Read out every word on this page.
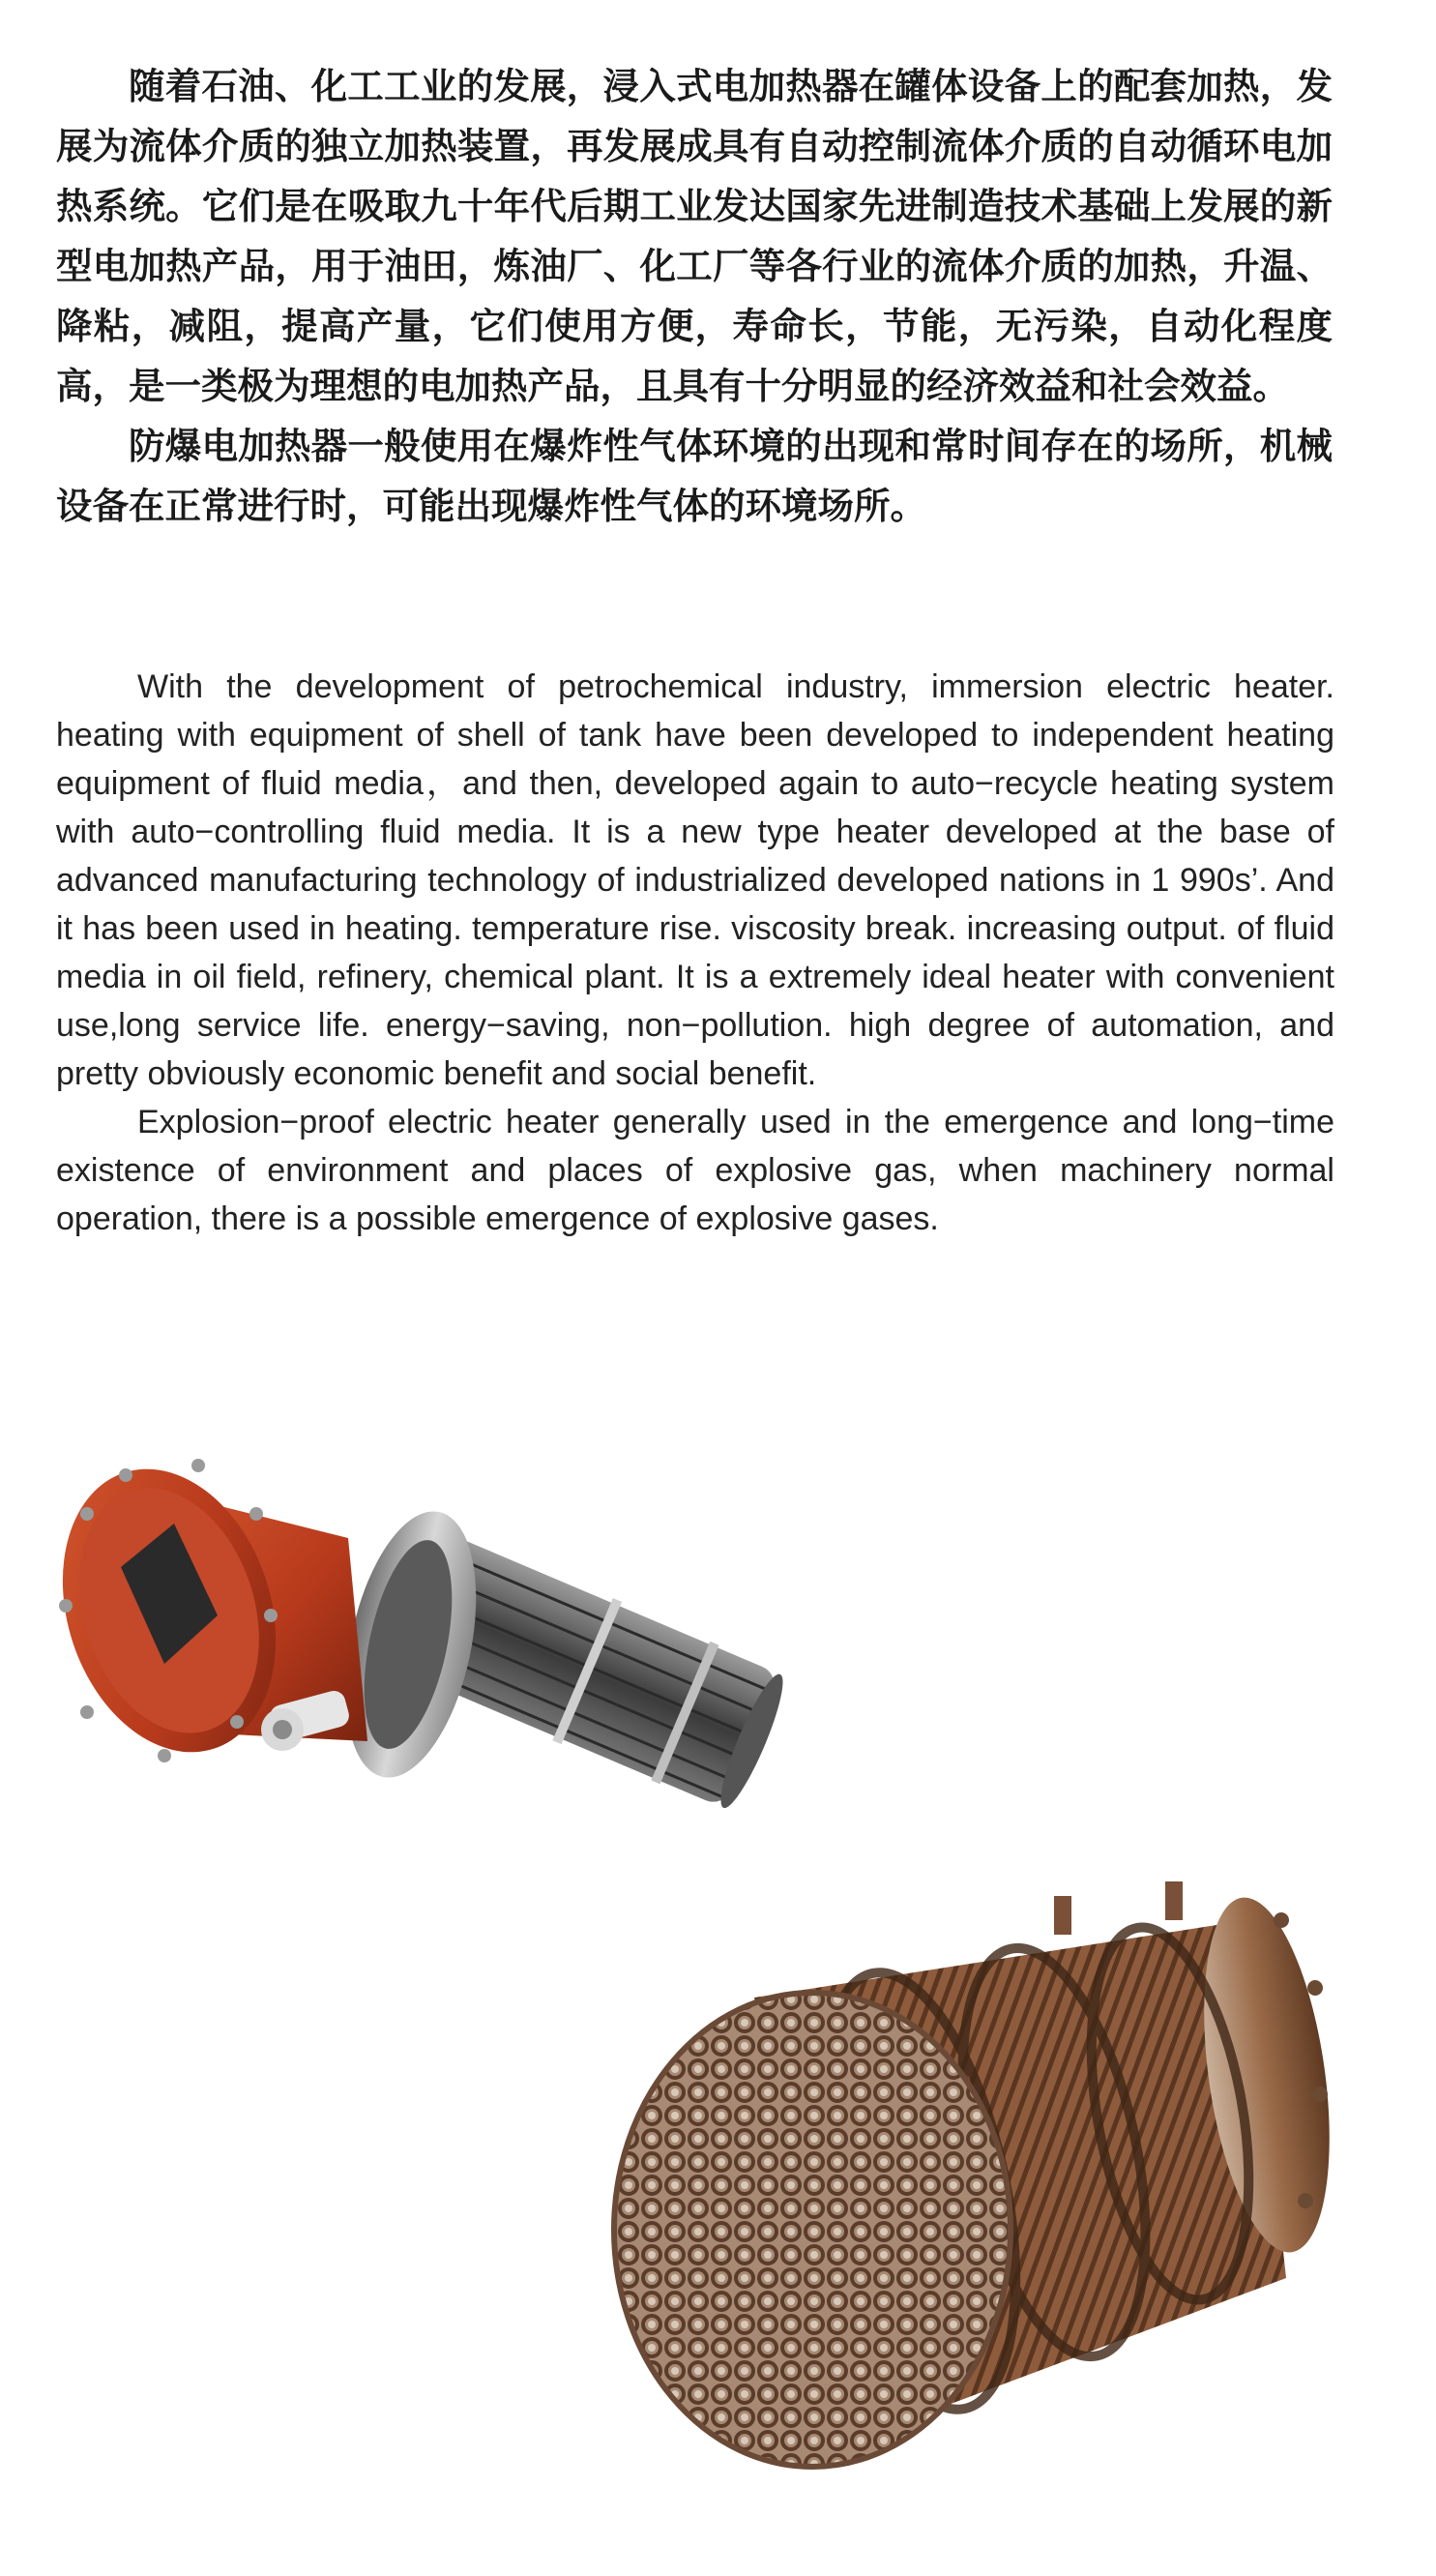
随着石油、化工工业的发展，浸入式电加热器在罐体设备上的配套加热，发展为流体介质的独立加热装置，再发展成具有自动控制流体介质的自动循环电加热系统。它们是在吸取九十年代后期工业发达国家先进制造技术基础上发展的新型电加热产品，用于油田，炼油厂、化工厂等各行业的流体介质的加热，升温、降粘，减阻，提高产量，它们使用方便，寿命长，节能，无污染，自动化程度高，是一类极为理想的电加热产品，且具有十分明显的经济效益和社会效益。

防爆电加热器一般使用在爆炸性气体环境的出现和常时间存在的场所，机械设备在正常进行时，可能出现爆炸性气体的环境场所。

With the development of petrochemical industry, immersion electric heater. heating with equipment of shell of tank have been developed to independent heating equipment of fluid media，and then, developed again to auto−recycle heating system with auto−controlling fluid media. It is a new type heater developed at the base of advanced manufacturing technology of industrialized developed nations in 1 990s’. And it has been used in heating. temperature rise. viscosity break. increasing output. of fluid media in oil field, refinery, chemical plant. It is a extremely ideal heater with convenient use,long service life. energy−saving, non−pollution. high degree of automation, and pretty obviously economic benefit and social benefit.

Explosion−proof electric heater generally used in the emergence and long−time existence of environment and places of explosive gas, when machinery normal operation, there is a possible emergence of explosive gases.
